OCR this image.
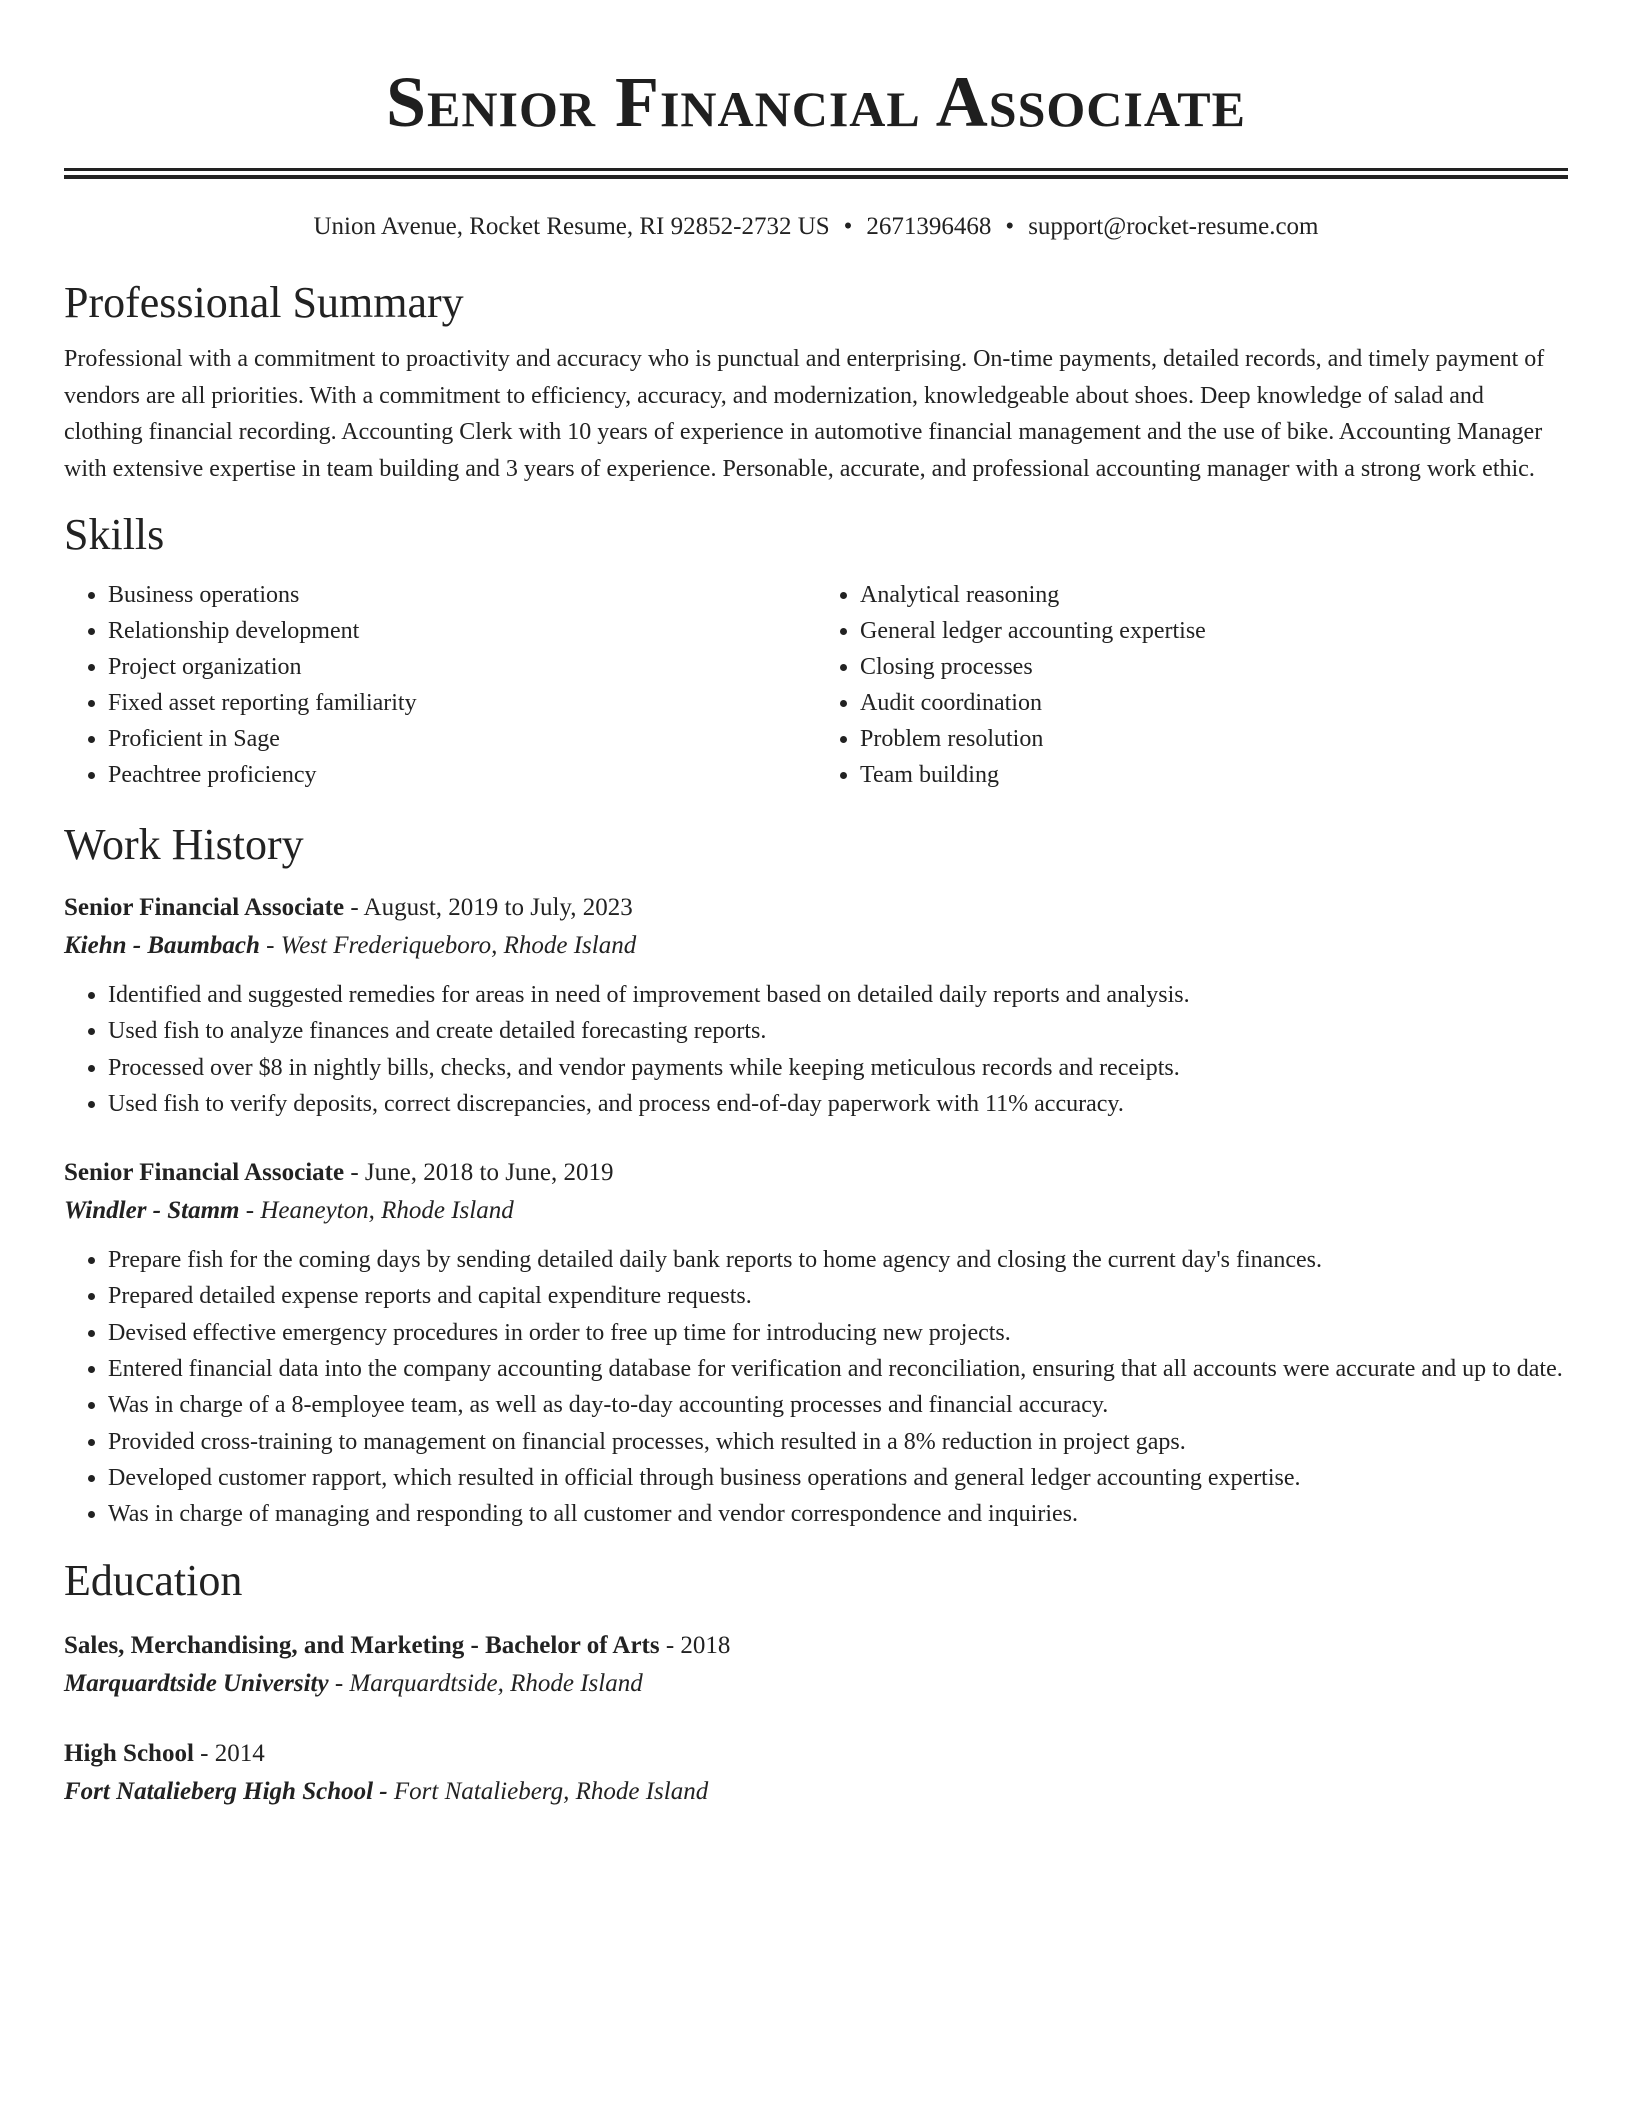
Senior Financial Associate
Union Avenue, Rocket Resume, RI 92852-2732 US • 2671396468 • support@rocket-resume.com
Professional Summary

Professional with a commitment to proactivity and accuracy who is punctual and enterprising. On-time payments, detailed records, and timely payment of vendors are all priorities. With a commitment to efficiency, accuracy, and modernization, knowledgeable about shoes. Deep knowledge of salad and clothing financial recording. Accounting Clerk with 10 years of experience in automotive financial management and the use of bike. Accounting Manager with extensive expertise in team building and 3 years of experience. Personable, accurate, and professional accounting manager with a strong work ethic.

Skills
• Business operations
• Relationship development
• Project organization
• Fixed asset reporting familiarity
• Proficient in Sage
• Peachtree proficiency
• Analytical reasoning
• General ledger accounting expertise
• Closing processes
• Audit coordination
• Problem resolution
• Team building
Work History
Senior Financial Associate - August, 2019 to July, 2023
Kiehn - Baumbach - West Frederiqueboro, Rhode Island
• Identified and suggested remedies for areas in need of improvement based on detailed daily reports and analysis.
• Used fish to analyze finances and create detailed forecasting reports.
• Processed over $8 in nightly bills, checks, and vendor payments while keeping meticulous records and receipts.
• Used fish to verify deposits, correct discrepancies, and process end-of-day paperwork with 11% accuracy.
Senior Financial Associate - June, 2018 to June, 2019
Windler - Stamm - Heaneyton, Rhode Island
• Prepare fish for the coming days by sending detailed daily bank reports to home agency and closing the current day's finances.
• Prepared detailed expense reports and capital expenditure requests.
• Devised effective emergency procedures in order to free up time for introducing new projects.
• Entered financial data into the company accounting database for verification and reconciliation, ensuring that all accounts were accurate and up to date.
• Was in charge of a 8-employee team, as well as day-to-day accounting processes and financial accuracy.
• Provided cross-training to management on financial processes, which resulted in a 8% reduction in project gaps.
• Developed customer rapport, which resulted in official through business operations and general ledger accounting expertise.
• Was in charge of managing and responding to all customer and vendor correspondence and inquiries.
Education
Sales, Merchandising, and Marketing - Bachelor of Arts - 2018
Marquardtside University - Marquardtside, Rhode Island
High School - 2014
Fort Natalieberg High School - Fort Natalieberg, Rhode Island
